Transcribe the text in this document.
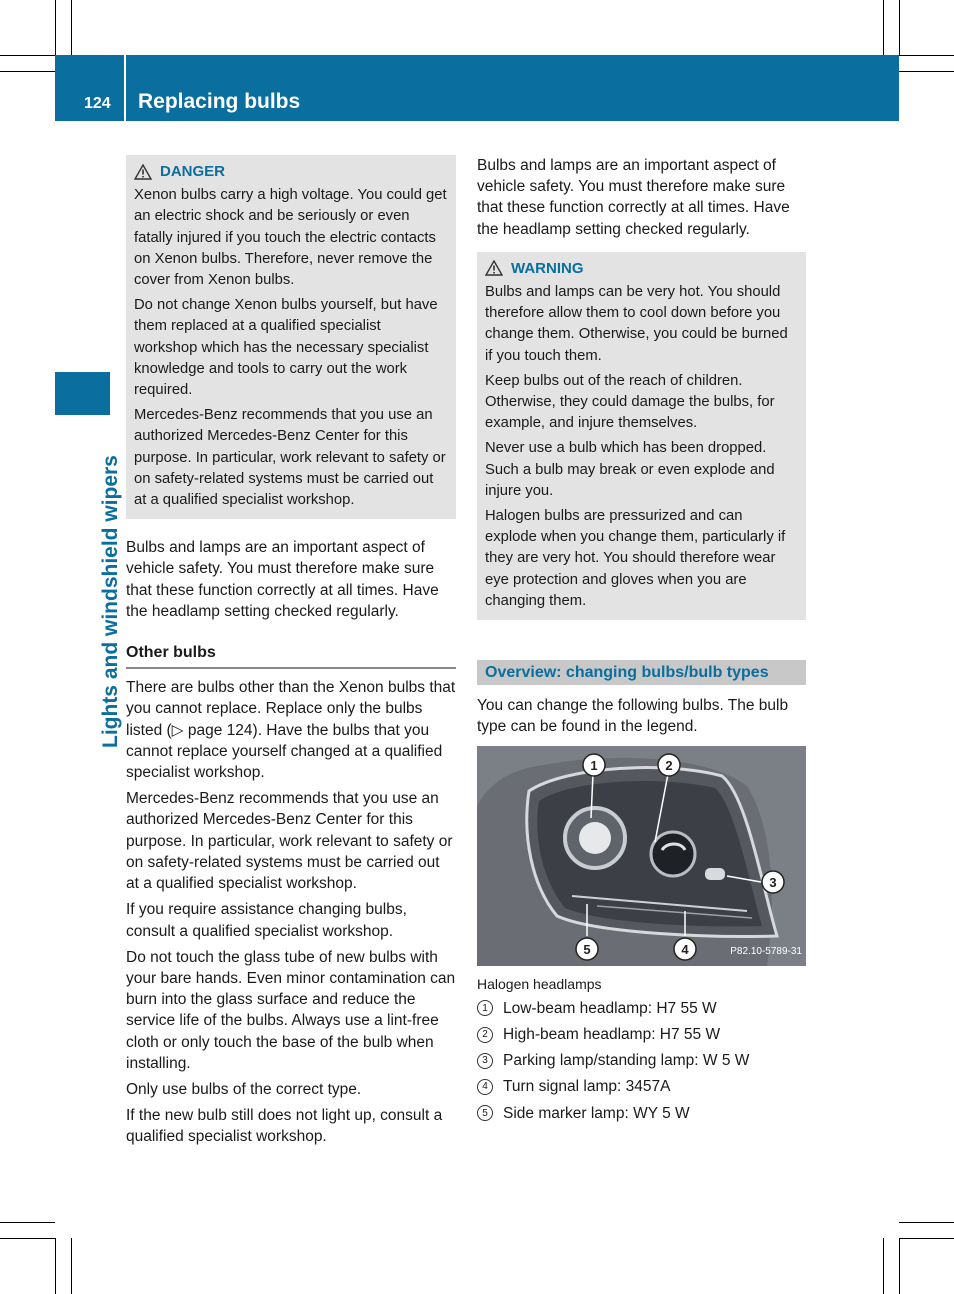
124 Replacing bulbs
Lights and windshield wipers
DANGER

Xenon bulbs carry a high voltage. You could get an electric shock and be seriously or even fatally injured if you touch the electric contacts on Xenon bulbs. Therefore, never remove the cover from Xenon bulbs.

Do not change Xenon bulbs yourself, but have them replaced at a qualified specialist workshop which has the necessary specialist knowledge and tools to carry out the work required.

Mercedes-Benz recommends that you use an authorized Mercedes-Benz Center for this purpose. In particular, work relevant to safety or on safety-related systems must be carried out at a qualified specialist workshop.

Bulbs and lamps are an important aspect of vehicle safety. You must therefore make sure that these function correctly at all times. Have the headlamp setting checked regularly.

Other bulbs

There are bulbs other than the Xenon bulbs that you cannot replace. Replace only the bulbs listed (▷ page 124). Have the bulbs that you cannot replace yourself changed at a qualified specialist workshop.

Mercedes-Benz recommends that you use an authorized Mercedes-Benz Center for this purpose. In particular, work relevant to safety or on safety-related systems must be carried out at a qualified specialist workshop.

If you require assistance changing bulbs, consult a qualified specialist workshop.

Do not touch the glass tube of new bulbs with your bare hands. Even minor contamination can burn into the glass surface and reduce the service life of the bulbs. Always use a lint-free cloth or only touch the base of the bulb when installing.

Only use bulbs of the correct type.

If the new bulb still does not light up, consult a qualified specialist workshop.

Bulbs and lamps are an important aspect of vehicle safety. You must therefore make sure that these function correctly at all times. Have the headlamp setting checked regularly.

WARNING

Bulbs and lamps can be very hot. You should therefore allow them to cool down before you change them. Otherwise, you could be burned if you touch them.

Keep bulbs out of the reach of children. Otherwise, they could damage the bulbs, for example, and injure themselves.

Never use a bulb which has been dropped. Such a bulb may break or even explode and injure you.

Halogen bulbs are pressurized and can explode when you change them, particularly if they are very hot. You should therefore wear eye protection and gloves when you are changing them.

Overview: changing bulbs/bulb types

You can change the following bulbs. The bulb type can be found in the legend.

1	2
3
4
5	P82.10-5789-31
Halogen headlamps
1 Low-beam headlamp: H7 55 W
2 High-beam headlamp: H7 55 W
3 Parking lamp/standing lamp: W 5 W
4 Turn signal lamp: 3457A
5 Side marker lamp: WY 5 W
